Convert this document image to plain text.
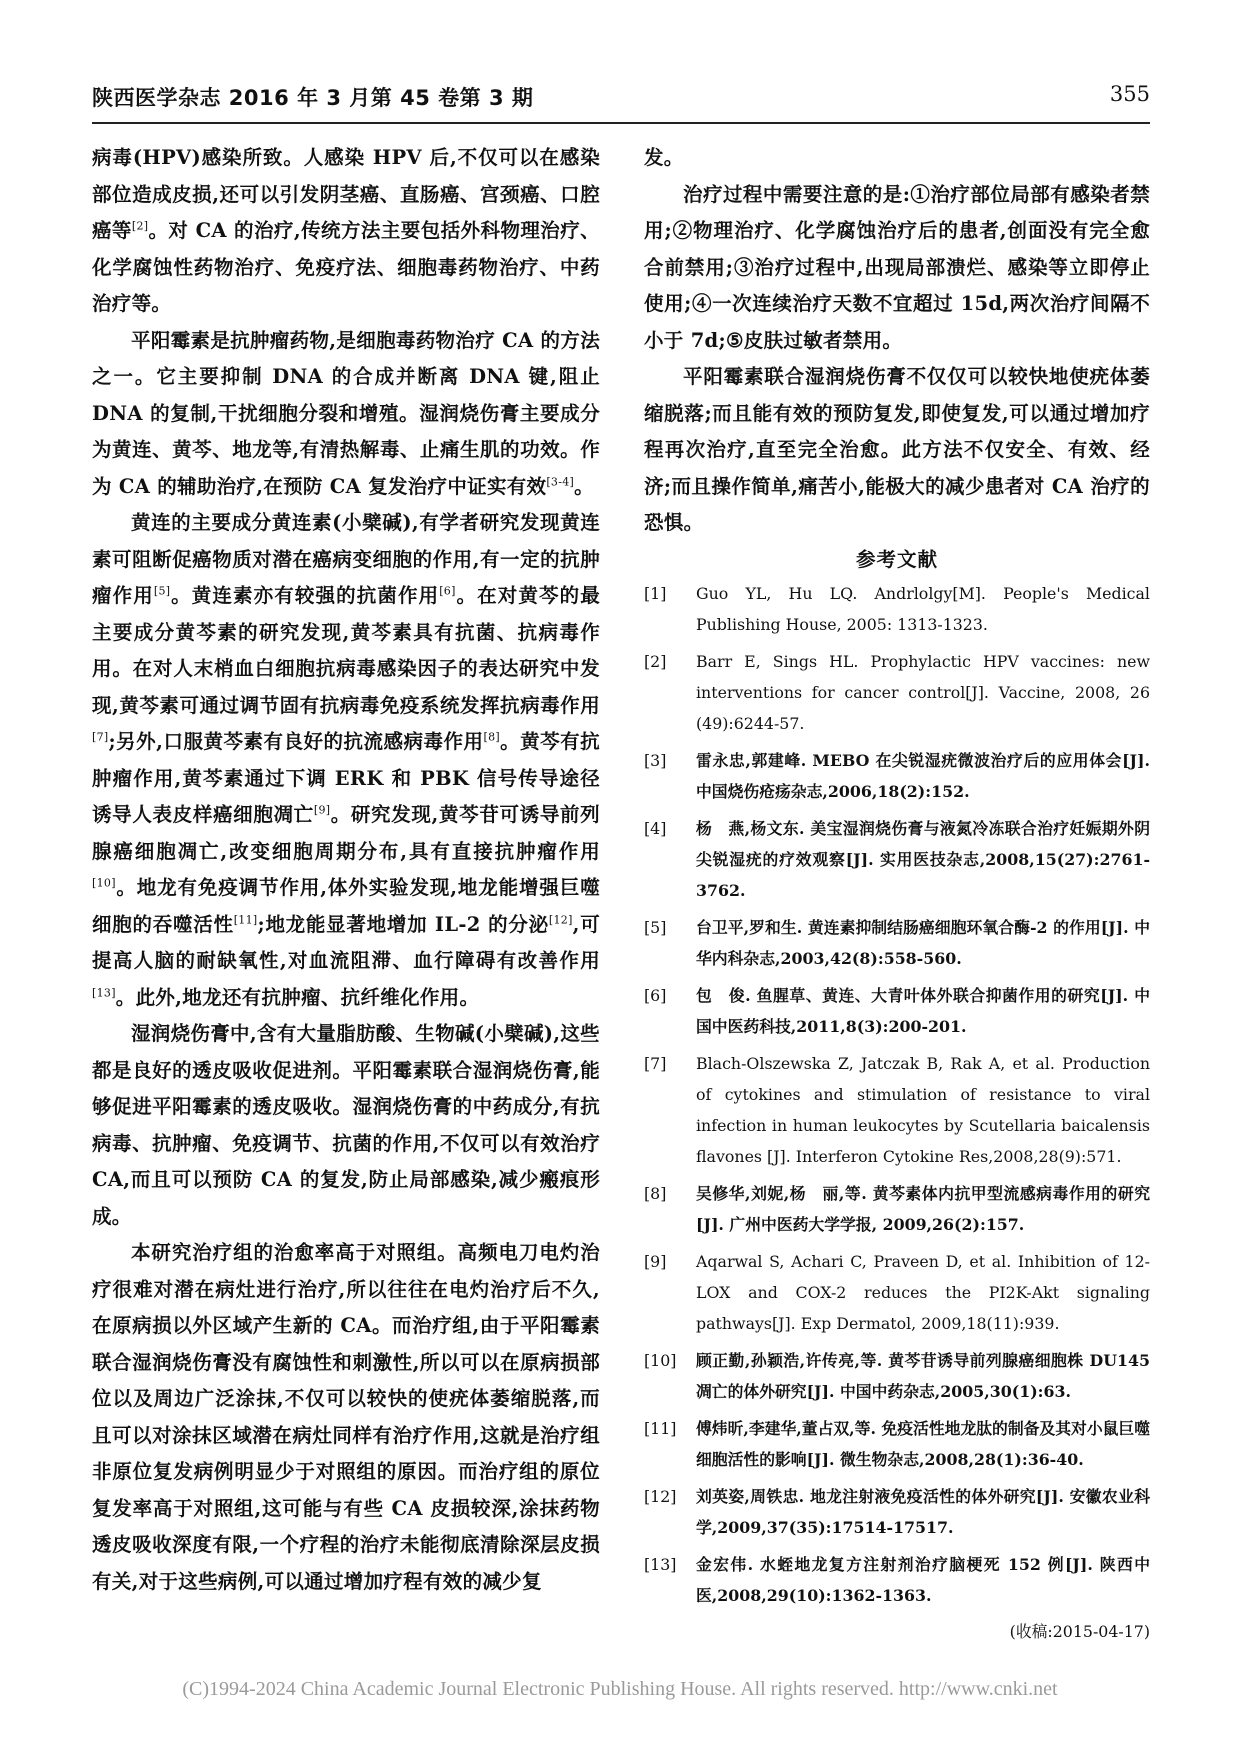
陕西医学杂志 2016 年 3 月第 45 卷第 3 期	355

病毒(HPV)感染所致。人感染 HPV 后,不仅可以在感染部位造成皮损,还可以引发阴茎癌、直肠癌、宫颈癌、口腔癌等[2]。对 CA 的治疗,传统方法主要包括外科物理治疗、化学腐蚀性药物治疗、免疫疗法、细胞毒药物治疗、中药治疗等。

平阳霉素是抗肿瘤药物,是细胞毒药物治疗 CA 的方法之一。它主要抑制 DNA 的合成并断离 DNA 键,阻止 DNA 的复制,干扰细胞分裂和增殖。湿润烧伤膏主要成分为黄连、黄芩、地龙等,有清热解毒、止痛生肌的功效。作为 CA 的辅助治疗,在预防 CA 复发治疗中证实有效[3-4]。

黄连的主要成分黄连素(小檗碱),有学者研究发现黄连素可阻断促癌物质对潜在癌病变细胞的作用,有一定的抗肿瘤作用[5]。黄连素亦有较强的抗菌作用[6]。在对黄芩的最主要成分黄芩素的研究发现,黄芩素具有抗菌、抗病毒作用。在对人末梢血白细胞抗病毒感染因子的表达研究中发现,黄芩素可通过调节固有抗病毒免疫系统发挥抗病毒作用[7];另外,口服黄芩素有良好的抗流感病毒作用[8]。黄芩有抗肿瘤作用,黄芩素通过下调 ERK 和 PBK 信号传导途径诱导人表皮样癌细胞凋亡[9]。研究发现,黄芩苷可诱导前列腺癌细胞凋亡,改变细胞周期分布,具有直接抗肿瘤作用[10]。地龙有免疫调节作用,体外实验发现,地龙能增强巨噬细胞的吞噬活性[11];地龙能显著地增加 IL-2 的分泌[12],可提高人脑的耐缺氧性,对血流阻滞、血行障碍有改善作用[13]。此外,地龙还有抗肿瘤、抗纤维化作用。

湿润烧伤膏中,含有大量脂肪酸、生物碱(小檗碱),这些都是良好的透皮吸收促进剂。平阳霉素联合湿润烧伤膏,能够促进平阳霉素的透皮吸收。湿润烧伤膏的中药成分,有抗病毒、抗肿瘤、免疫调节、抗菌的作用,不仅可以有效治疗 CA,而且可以预防 CA 的复发,防止局部感染,减少瘢痕形成。

本研究治疗组的治愈率高于对照组。高频电刀电灼治疗很难对潜在病灶进行治疗,所以往往在电灼治疗后不久,在原病损以外区域产生新的 CA。而治疗组,由于平阳霉素联合湿润烧伤膏没有腐蚀性和刺激性,所以可以在原病损部位以及周边广泛涂抹,不仅可以较快的使疣体萎缩脱落,而且可以对涂抹区域潜在病灶同样有治疗作用,这就是治疗组非原位复发病例明显少于对照组的原因。而治疗组的原位复发率高于对照组,这可能与有些 CA 皮损较深,涂抹药物透皮吸收深度有限,一个疗程的治疗未能彻底清除深层皮损有关,对于这些病例,可以通过增加疗程有效的减少复

发。

治疗过程中需要注意的是:①治疗部位局部有感染者禁用;②物理治疗、化学腐蚀治疗后的患者,创面没有完全愈合前禁用;③治疗过程中,出现局部溃烂、感染等立即停止使用;④一次连续治疗天数不宜超过 15d,两次治疗间隔不小于 7d;⑤皮肤过敏者禁用。

平阳霉素联合湿润烧伤膏不仅仅可以较快地使疣体萎缩脱落;而且能有效的预防复发,即使复发,可以通过增加疗程再次治疗,直至完全治愈。此方法不仅安全、有效、经济;而且操作简单,痛苦小,能极大的减少患者对 CA 治疗的恐惧。

参考文献
[1]	Guo YL, Hu LQ. Andrlolgy[M]. People's Medical Publishing House, 2005: 1313-1323.
[2]	Barr E, Sings HL. Prophylactic HPV vaccines: new interventions for cancer control[J]. Vaccine, 2008, 26 (49):6244-57.
[3]	雷永忠,郭建峰. MEBO 在尖锐湿疣微波治疗后的应用体会[J]. 中国烧伤疮疡杂志,2006,18(2):152.
[4]	杨　燕,杨文东. 美宝湿润烧伤膏与液氮冷冻联合治疗妊娠期外阴尖锐湿疣的疗效观察[J]. 实用医技杂志,2008,15(27):2761-3762.
[5]	台卫平,罗和生. 黄连素抑制结肠癌细胞环氧合酶-2 的作用[J]. 中华内科杂志,2003,42(8):558-560.
[6]	包　俊. 鱼腥草、黄连、大青叶体外联合抑菌作用的研究[J]. 中国中医药科技,2011,8(3):200-201.
[7]	Blach-Olszewska Z, Jatczak B, Rak A, et al. Production of cytokines and stimulation of resistance to viral infection in human leukocytes by Scutellaria baicalensis flavones [J]. Interferon Cytokine Res,2008,28(9):571.
[8]	吴修华,刘妮,杨　丽,等. 黄芩素体内抗甲型流感病毒作用的研究[J]. 广州中医药大学学报, 2009,26(2):157.
[9]	Aqarwal S, Achari C, Praveen D, et al. Inhibition of 12-LOX and COX-2 reduces the PI2K-Akt signaling pathways[J]. Exp Dermatol, 2009,18(11):939.
[10]	顾正勤,孙颖浩,许传亮,等. 黄芩苷诱导前列腺癌细胞株 DU145 凋亡的体外研究[J]. 中国中药杂志,2005,30(1):63.
[11]	傅炜昕,李建华,董占双,等. 免疫活性地龙肽的制备及其对小鼠巨噬细胞活性的影响[J]. 微生物杂志,2008,28(1):36-40.
[12]	刘英姿,周铁忠. 地龙注射液免疫活性的体外研究[J]. 安徽农业科学,2009,37(35):17514-17517.
[13]	金宏伟. 水蛭地龙复方注射剂治疗脑梗死 152 例[J]. 陕西中医,2008,29(10):1362-1363.

(收稿:2015-04-17)

(C)1994-2024 China Academic Journal Electronic Publishing House. All rights reserved. http://www.cnki.net
